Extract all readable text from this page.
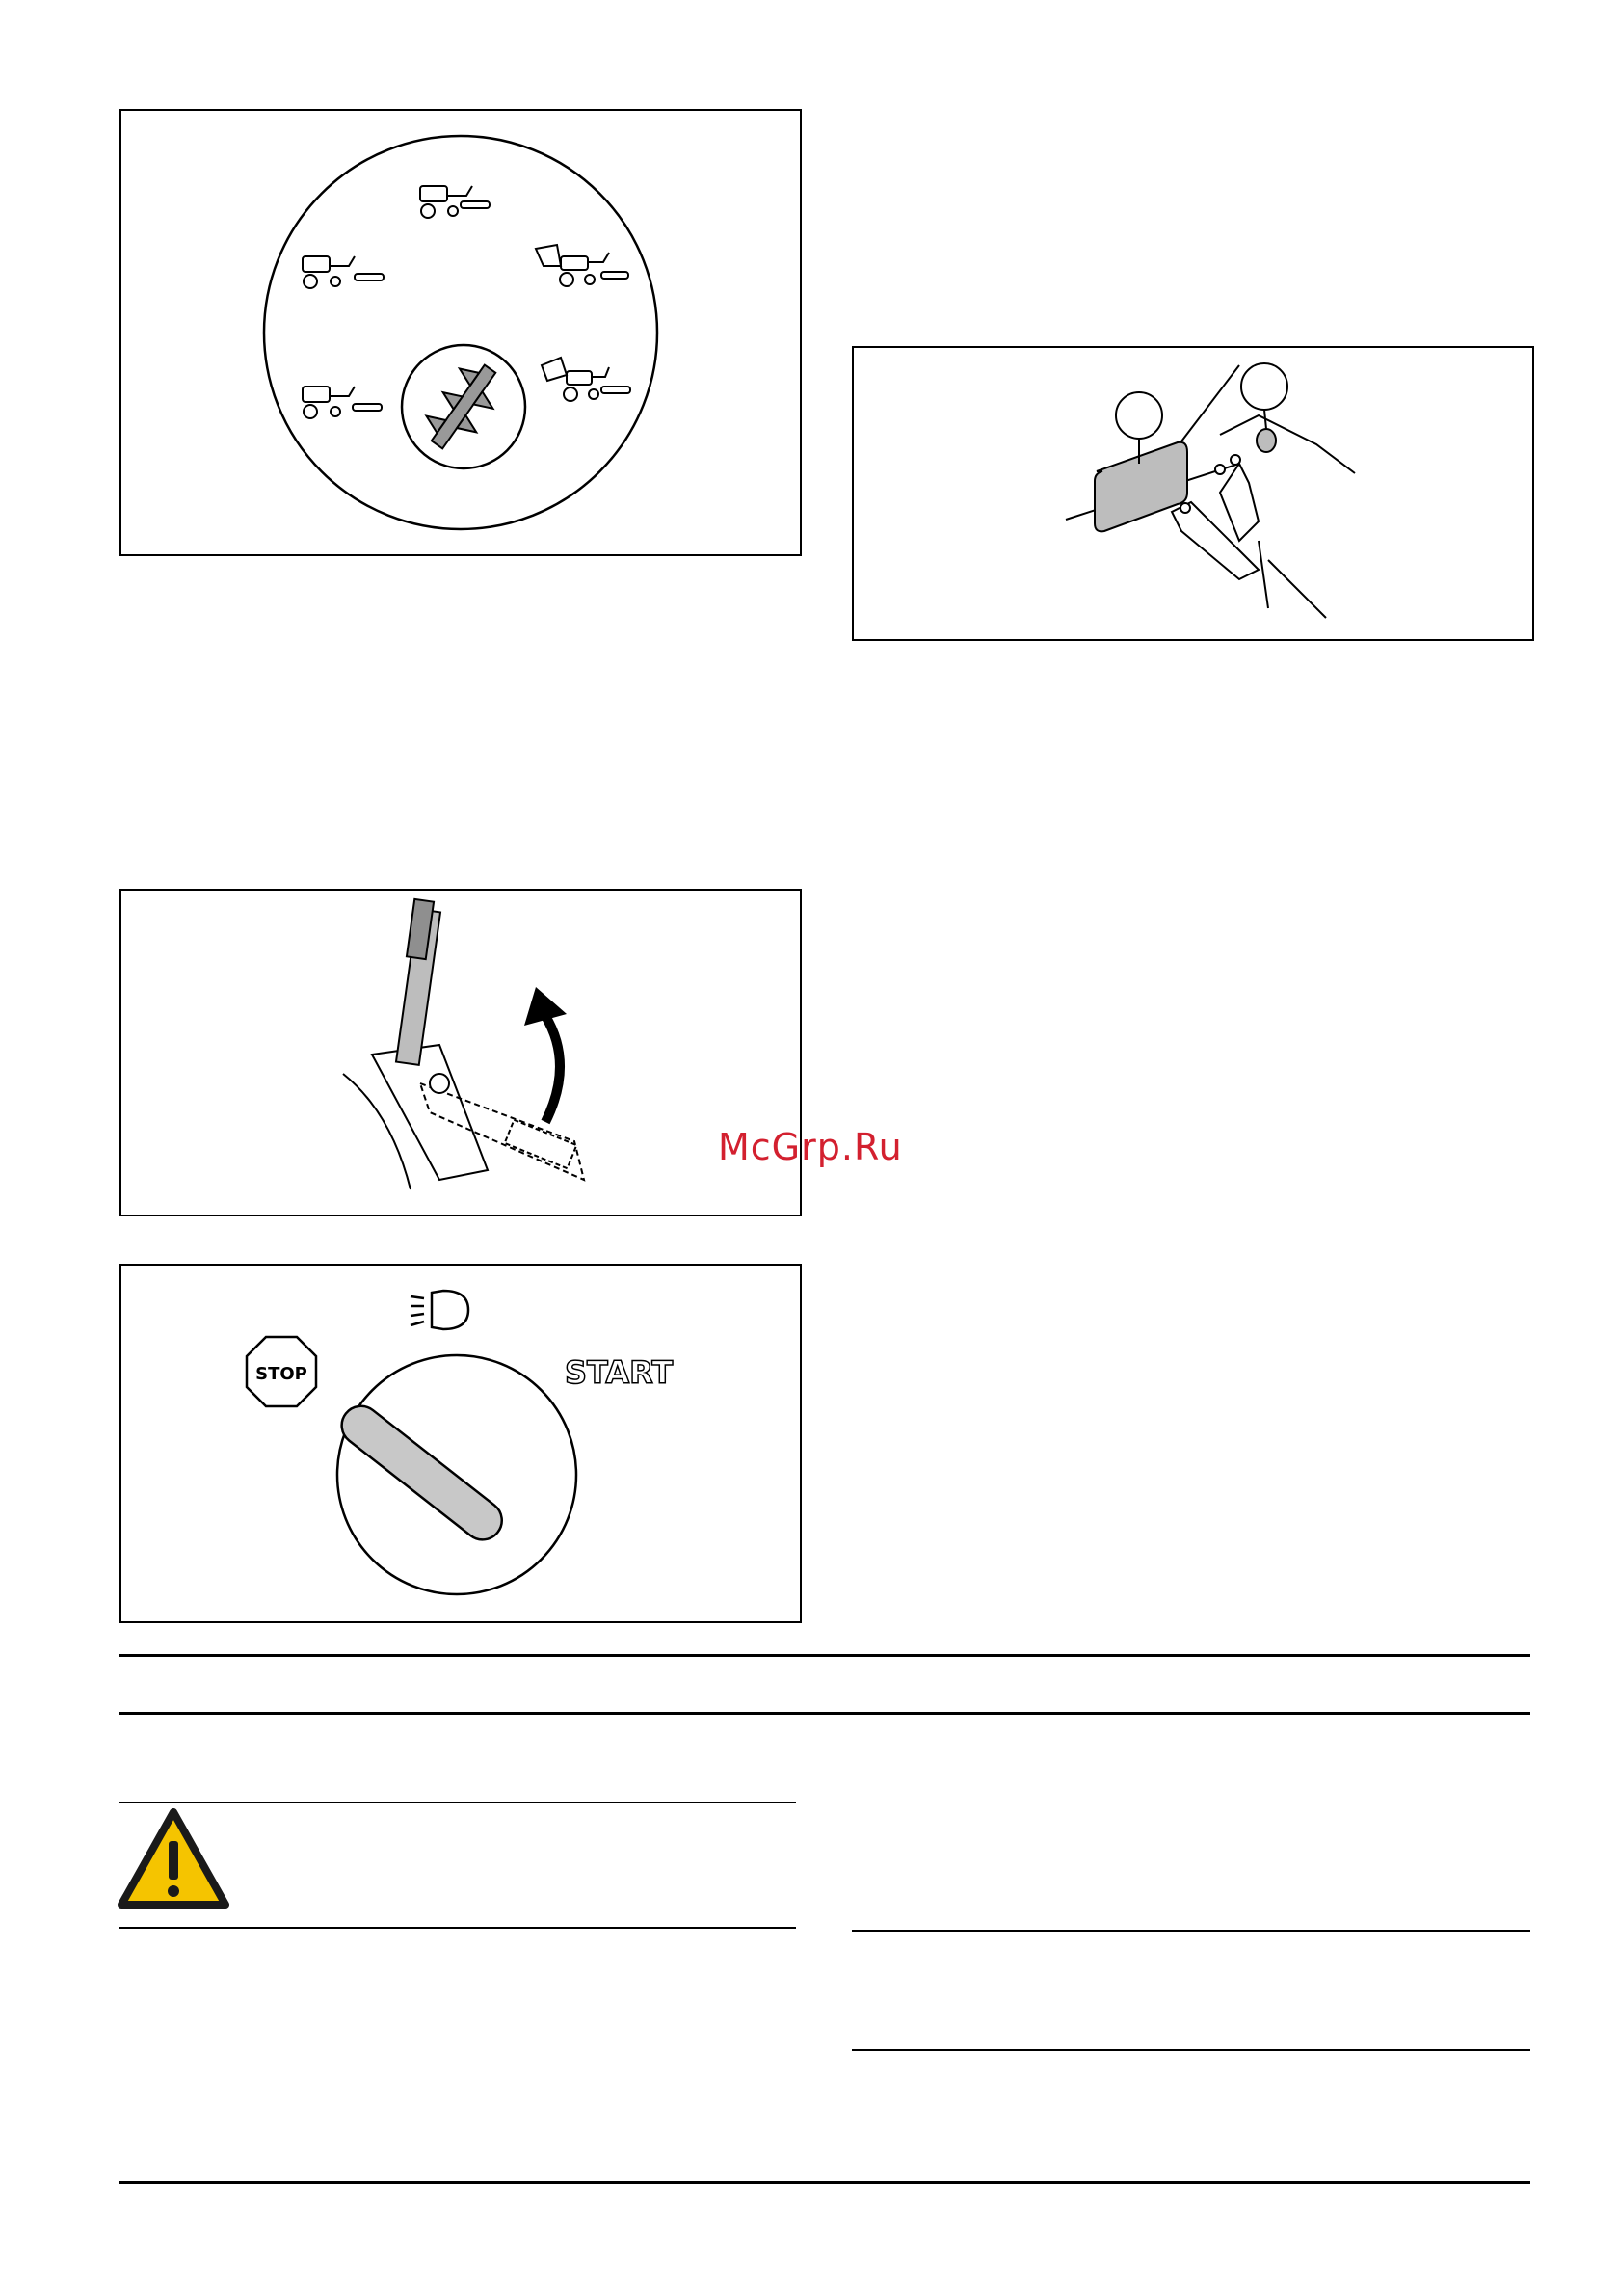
STOP	START
McGrp.Ru
